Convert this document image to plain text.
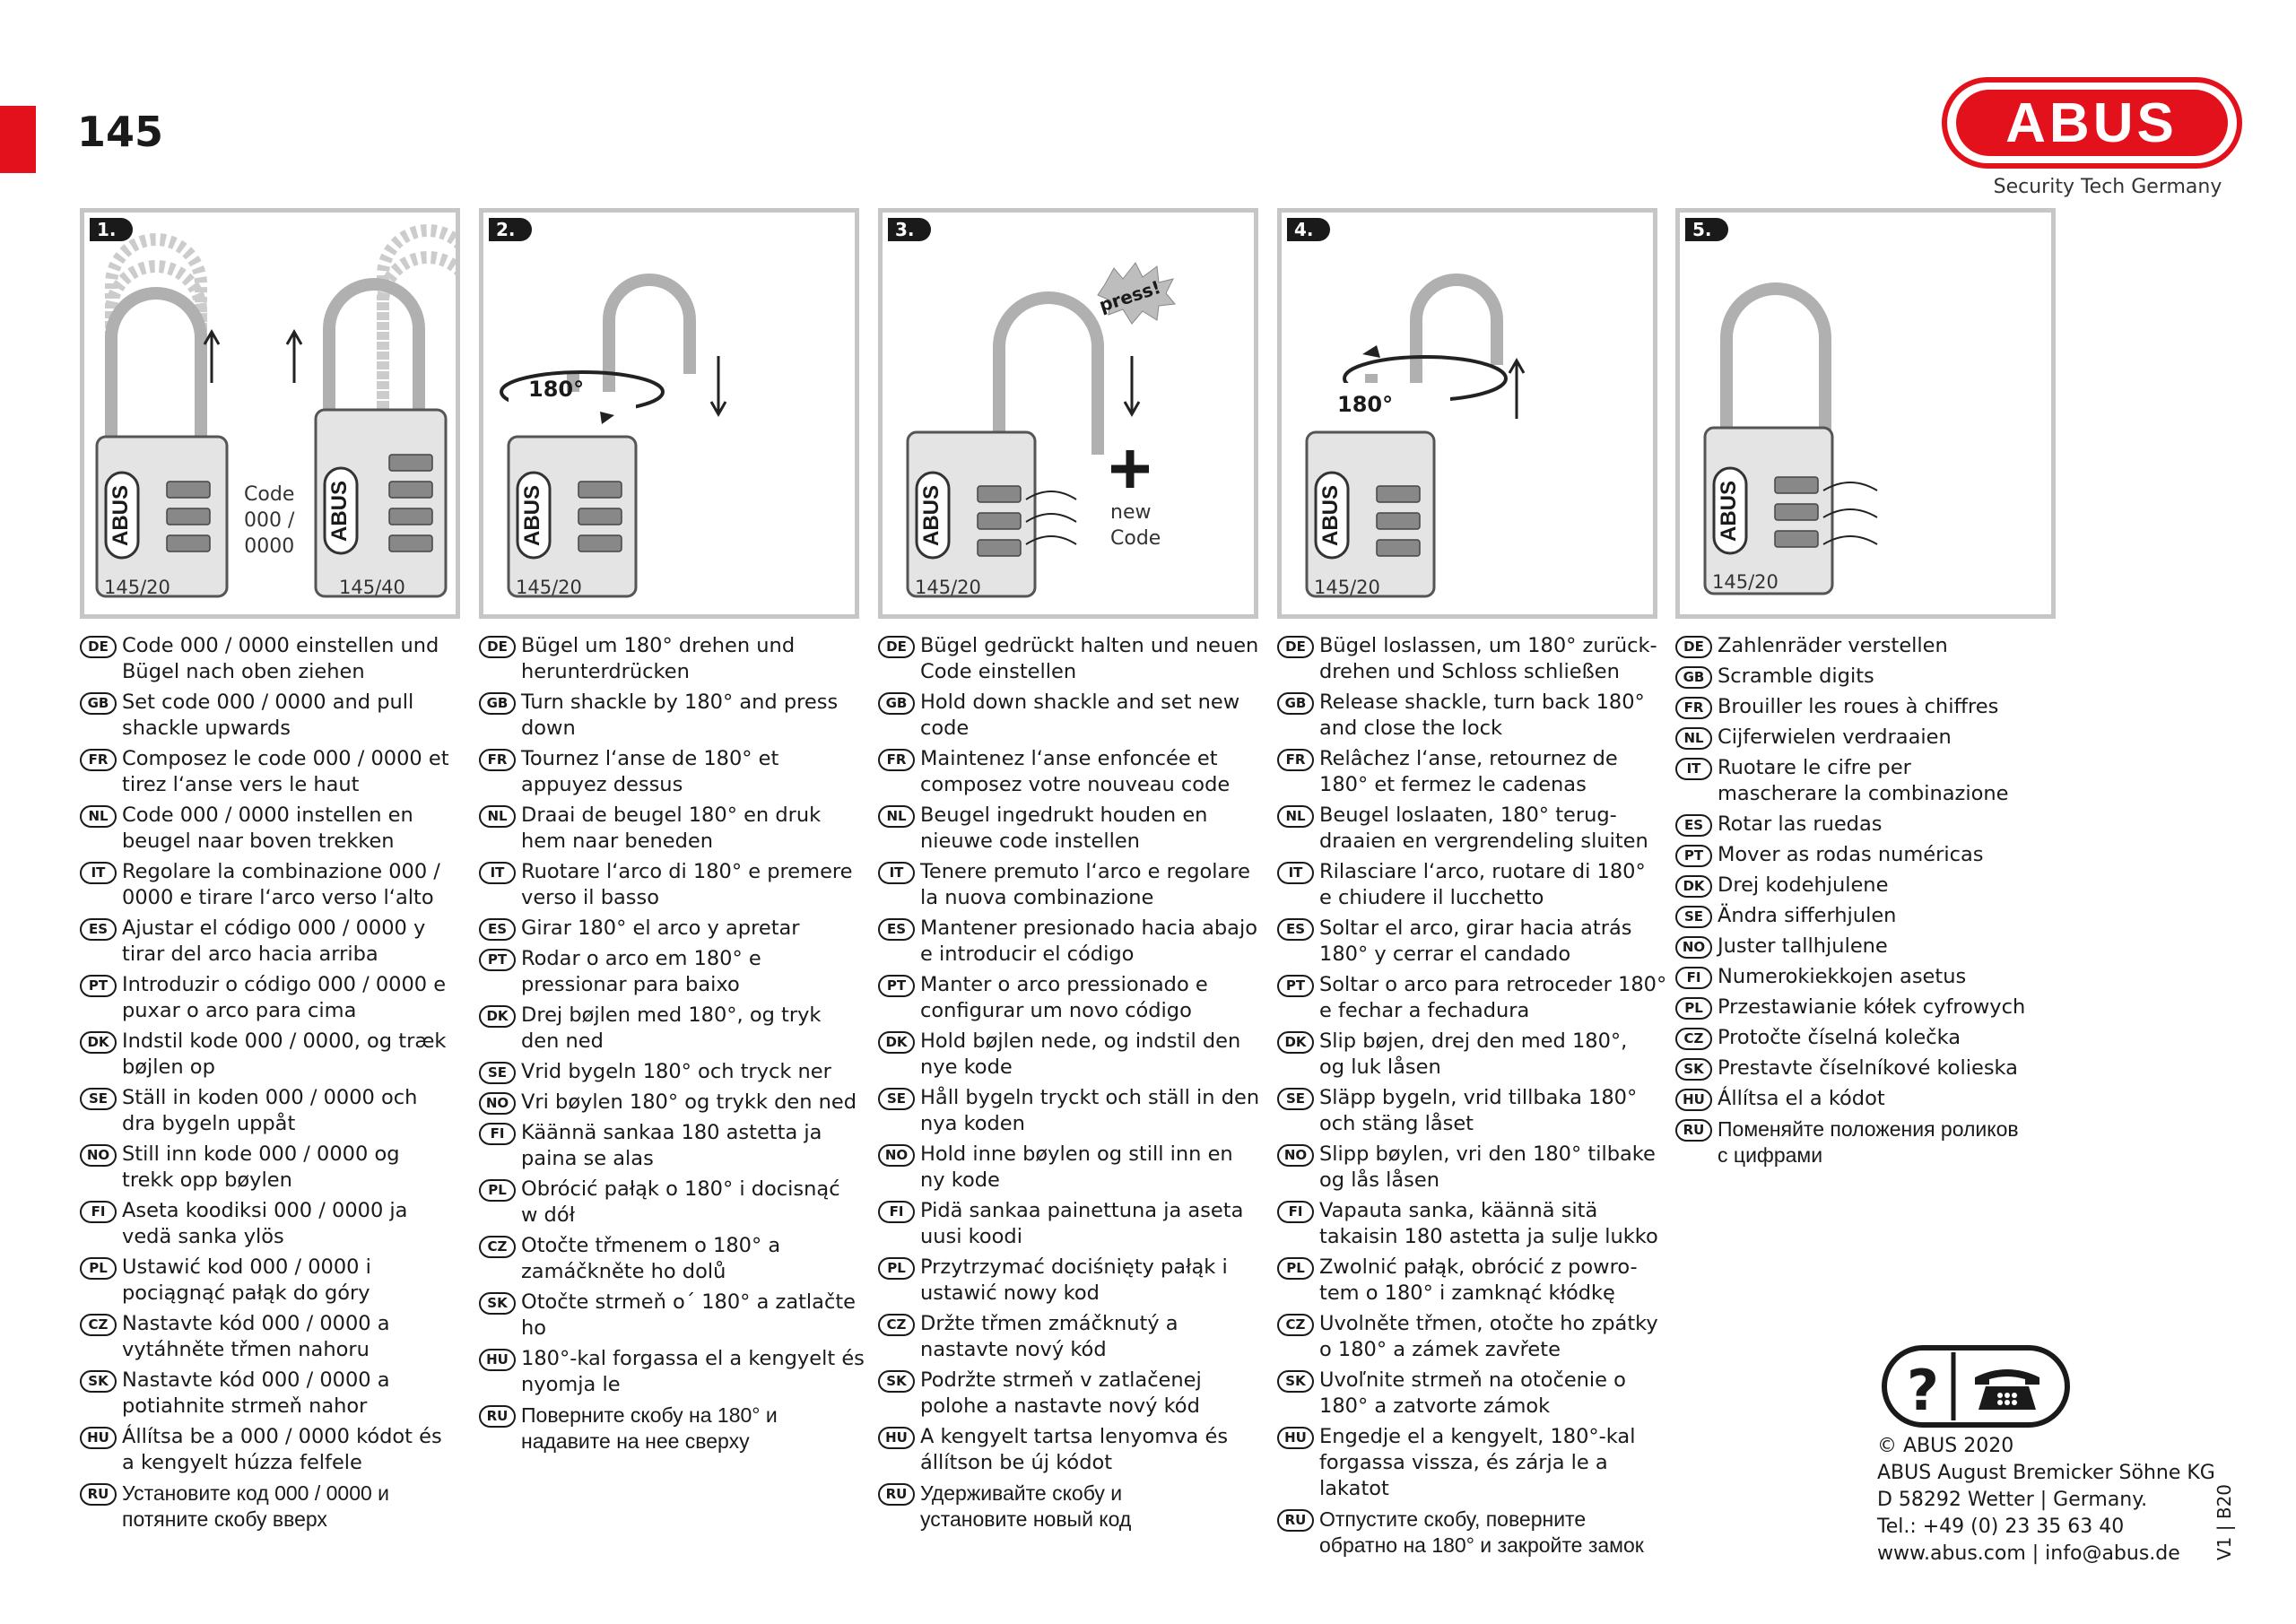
145	ABUS
Security Tech Germany
ABUS	ABUS
1.
Code
000 /
0000
145/20	145/40
ABUS
180°
2.
145/20
ABUS
press!
3.
new
Code
145/20
ABUS
180°
4.
145/20
ABUS
5.
145/20
DE Code 000 / 0000 einstellen und
Bügel nach oben ziehen
GB Set code 000 / 0000 and pull
shackle upwards
FR Composez le code 000 / 0000 et
tirez l‘anse vers le haut
NL Code 000 / 0000 instellen en
beugel naar boven trekken
IT Regolare la combinazione 000 /
0000 e tirare l‘arco verso l‘alto
ES Ajustar el código 000 / 0000 y
tirar del arco hacia arriba
PT Introduzir o código 000 / 0000 e
puxar o arco para cima
DK Indstil kode 000 / 0000, og træk
bøjlen op
SE Ställ in koden 000 / 0000 och
dra bygeln uppåt
NO Still inn kode 000 / 0000 og
trekk opp bøylen
FI Aseta koodiksi 000 / 0000 ja
vedä sanka ylös
PL Ustawić kod 000 / 0000 i
pociągnąć pałąk do góry
CZ Nastavte kód 000 / 0000 a
vytáhněte třmen nahoru
SK Nastavte kód 000 / 0000 a
potiahnite strmeň nahor
HU Állítsa be a 000 / 0000 kódot és
a kengyelt húzza felfele
RU Установите код 000 / 0000 и
потяните скобу вверх
DE Bügel um 180° drehen und
herunterdrücken
GB Turn shackle by 180° and press
down
FR Tournez l‘anse de 180° et
appuyez dessus
NL Draai de beugel 180° en druk
hem naar beneden
IT Ruotare l‘arco di 180° e premere
verso il basso
ES Girar 180° el arco y apretar
PT Rodar o arco em 180° e
pressionar para baixo
DK Drej bøjlen med 180°, og tryk
den ned
SE Vrid bygeln 180° och tryck ner
NO Vri bøylen 180° og trykk den ned
FI Käännä sankaa 180 astetta ja
paina se alas
PL Obrócić pałąk o 180° i docisnąć
w dół
CZ Otočte třmenem o 180° a
zamáčkněte ho dolů
SK Otočte strmeň o´ 180° a zatlačte
ho
HU 180°-kal forgassa el a kengyelt és
nyomja le
RU Поверните скобу на 180° и
надавите на нее сверху
DE Bügel gedrückt halten und neuen
Code einstellen
GB Hold down shackle and set new
code
FR Maintenez l‘anse enfoncée et
composez votre nouveau code
NL Beugel ingedrukt houden en
nieuwe code instellen
IT Tenere premuto l‘arco e regolare
la nuova combinazione
ES Mantener presionado hacia abajo
e introducir el código
PT Manter o arco pressionado e
configurar um novo código
DK Hold bøjlen nede, og indstil den
nye kode
SE Håll bygeln tryckt och ställ in den
nya koden
NO Hold inne bøylen og still inn en
ny kode
FI Pidä sankaa painettuna ja aseta
uusi koodi
PL Przytrzymać dociśnięty pałąk i
ustawić nowy kod
CZ Držte třmen zmáčknutý a
nastavte nový kód
SK Podržte strmeň v zatlačenej
polohe a nastavte nový kód
HU A kengyelt tartsa lenyomva és
állítson be új kódot
RU Удерживайте скобу и
установите новый код
DE Bügel loslassen, um 180° zurück-
drehen und Schloss schließen
GB Release shackle, turn back 180°
and close the lock
FR Relâchez l‘anse, retournez de
180° et fermez le cadenas
NL Beugel loslaaten, 180° terug-
draaien en vergrendeling sluiten
IT Rilasciare l‘arco, ruotare di 180°
e chiudere il lucchetto
ES Soltar el arco, girar hacia atrás
180° y cerrar el candado
PT Soltar o arco para retroceder 180°
e fechar a fechadura
DK Slip bøjen, drej den med 180°,
og luk låsen
SE Släpp bygeln, vrid tillbaka 180°
och stäng låset
NO Slipp bøylen, vri den 180° tilbake
og lås låsen
FI Vapauta sanka, käännä sitä
takaisin 180 astetta ja sulje lukko
PL Zwolnić pałąk, obrócić z powro-
tem o 180° i zamknąć kłódkę
CZ Uvolněte třmen, otočte ho zpátky
o 180° a zámek zavřete
SK Uvoľnite strmeň na otočenie o
180° a zatvorte zámok
HU Engedje el a kengyelt, 180°-kal
forgassa vissza, és zárja le a lakatot
RU Отпустите скобу, поверните
обратно на 180° и закройте замок
DE Zahlenräder verstellen
GB Scramble digits
FR Brouiller les roues à chiffres
NL Cijferwielen verdraaien
IT Ruotare le cifre per
mascherare la combinazione
ES Rotar las ruedas
PT Mover as rodas numéricas
DK Drej kodehjulene
SE Ändra sifferhjulen
NO Juster tallhjulene
FI Numerokiekkojen asetus
PL Przestawianie kółek cyfrowych
CZ Protočte číselná kolečka
SK Prestavte číselníkové kolieska
HU Állítsa el a kódot
RU Поменяйте положения роликов
с цифрами
?
© ABUS 2020
ABUS August Bremicker Söhne KG
D 58292 Wetter | Germany.
Tel.: +49 (0) 23 35 63 40
www.abus.com | info@abus.de	V1 | B20
